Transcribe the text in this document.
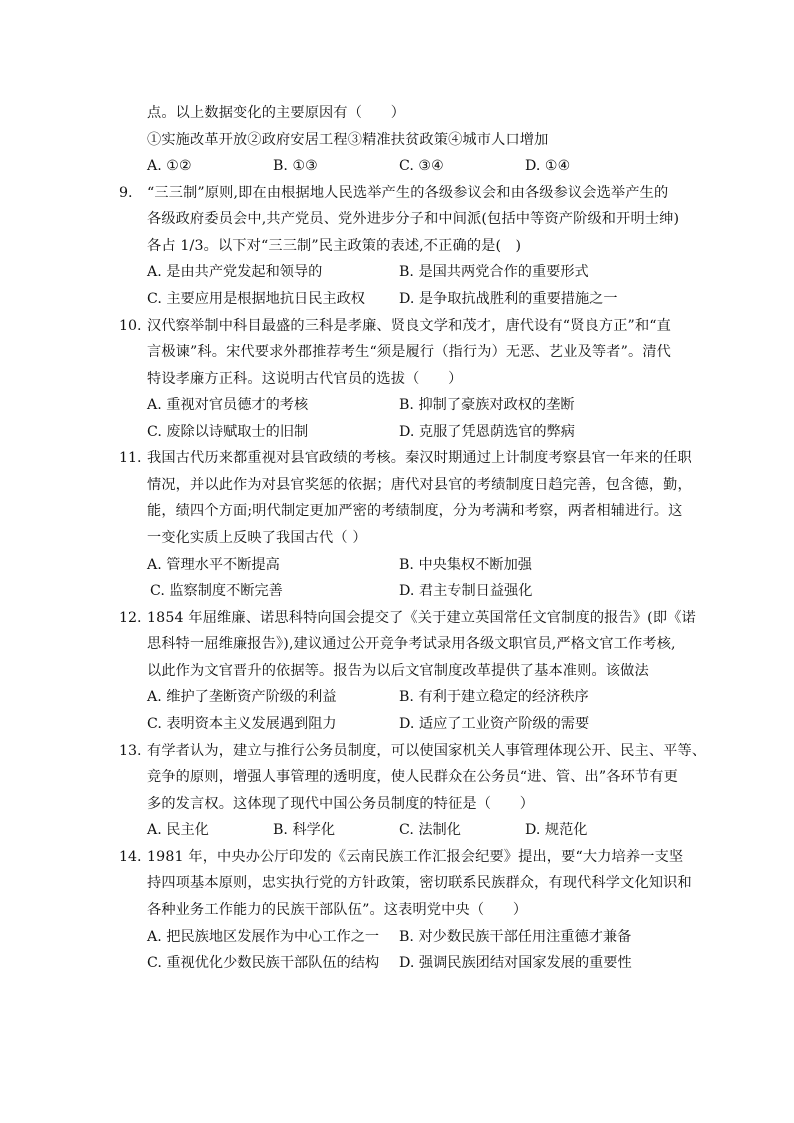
点。以上数据变化的主要原因有（　　）
①实施改革开放②政府安居工程③精准扶贫政策④城市人口增加
A. ①②	B. ①③	C. ③④	D. ①④
9. “三三制”原则,即在由根据地人民选举产生的各级参议会和由各级参议会选举产生的
各级政府委员会中,共产党员、党外进步分子和中间派(包括中等资产阶级和开明士绅)
各占 1/3。以下对“三三制”民主政策的表述,不正确的是(　)
A. 是由共产党发起和领导的	B. 是国共两党合作的重要形式
C. 主要应用是根据地抗日民主政权 D. 是争取抗战胜利的重要措施之一
10. 汉代察举制中科目最盛的三科是孝廉、贤良文学和茂才，唐代设有“贤良方正”和“直
言极谏”科。宋代要求外郡推荐考生“须是履行（指行为）无恶、艺业及等者”。清代
特设孝廉方正科。这说明古代官员的选拔（　　）
A. 重视对官员德才的考核	B. 抑制了豪族对政权的垄断
C. 废除以诗赋取士的旧制	D. 克服了凭恩荫选官的弊病
11. 我国古代历来都重视对县官政绩的考核。秦汉时期通过上计制度考察县官一年来的任职
情况，并以此作为对县官奖惩的依据；唐代对县官的考绩制度日趋完善，包含德，勤，
能，绩四个方面;明代制定更加严密的考绩制度，分为考满和考察，两者相辅进行。这
一变化实质上反映了我国古代（ ）
A. 管理水平不断提高	B. 中央集权不断加强
C. 监察制度不断完善	D. 君主专制日益强化
12. 1854 年屈维廉、诺思科特向国会提交了《关于建立英国常任文官制度的报告》(即《诺
思科特一屈维廉报告》),建议通过公开竞争考试录用各级文职官员,严格文官工作考核,
以此作为文官晋升的依据等。报告为以后文官制度改革提供了基本准则。该做法
A. 维护了垄断资产阶级的利益	B. 有利于建立稳定的经济秩序
C. 表明资本主义发展遇到阻力	D. 适应了工业资产阶级的需要
13. 有学者认为，建立与推行公务员制度，可以使国家机关人事管理体现公开、民主、平等、
竞争的原则，增强人事管理的透明度，使人民群众在公务员“进、管、出”各环节有更
多的发言权。这体现了现代中国公务员制度的特征是（　　）
A. 民主化	B. 科学化	C. 法制化	D. 规范化
14. 1981 年，中央办公厅印发的《云南民族工作汇报会纪要》提出，要“大力培养一支坚
持四项基本原则，忠实执行党的方针政策，密切联系民族群众，有现代科学文化知识和
各种业务工作能力的民族干部队伍”。这表明党中央（　　）
A. 把民族地区发展作为中心工作之一 B. 对少数民族干部任用注重德才兼备
C. 重视优化少数民族干部队伍的结构 D. 强调民族团结对国家发展的重要性
